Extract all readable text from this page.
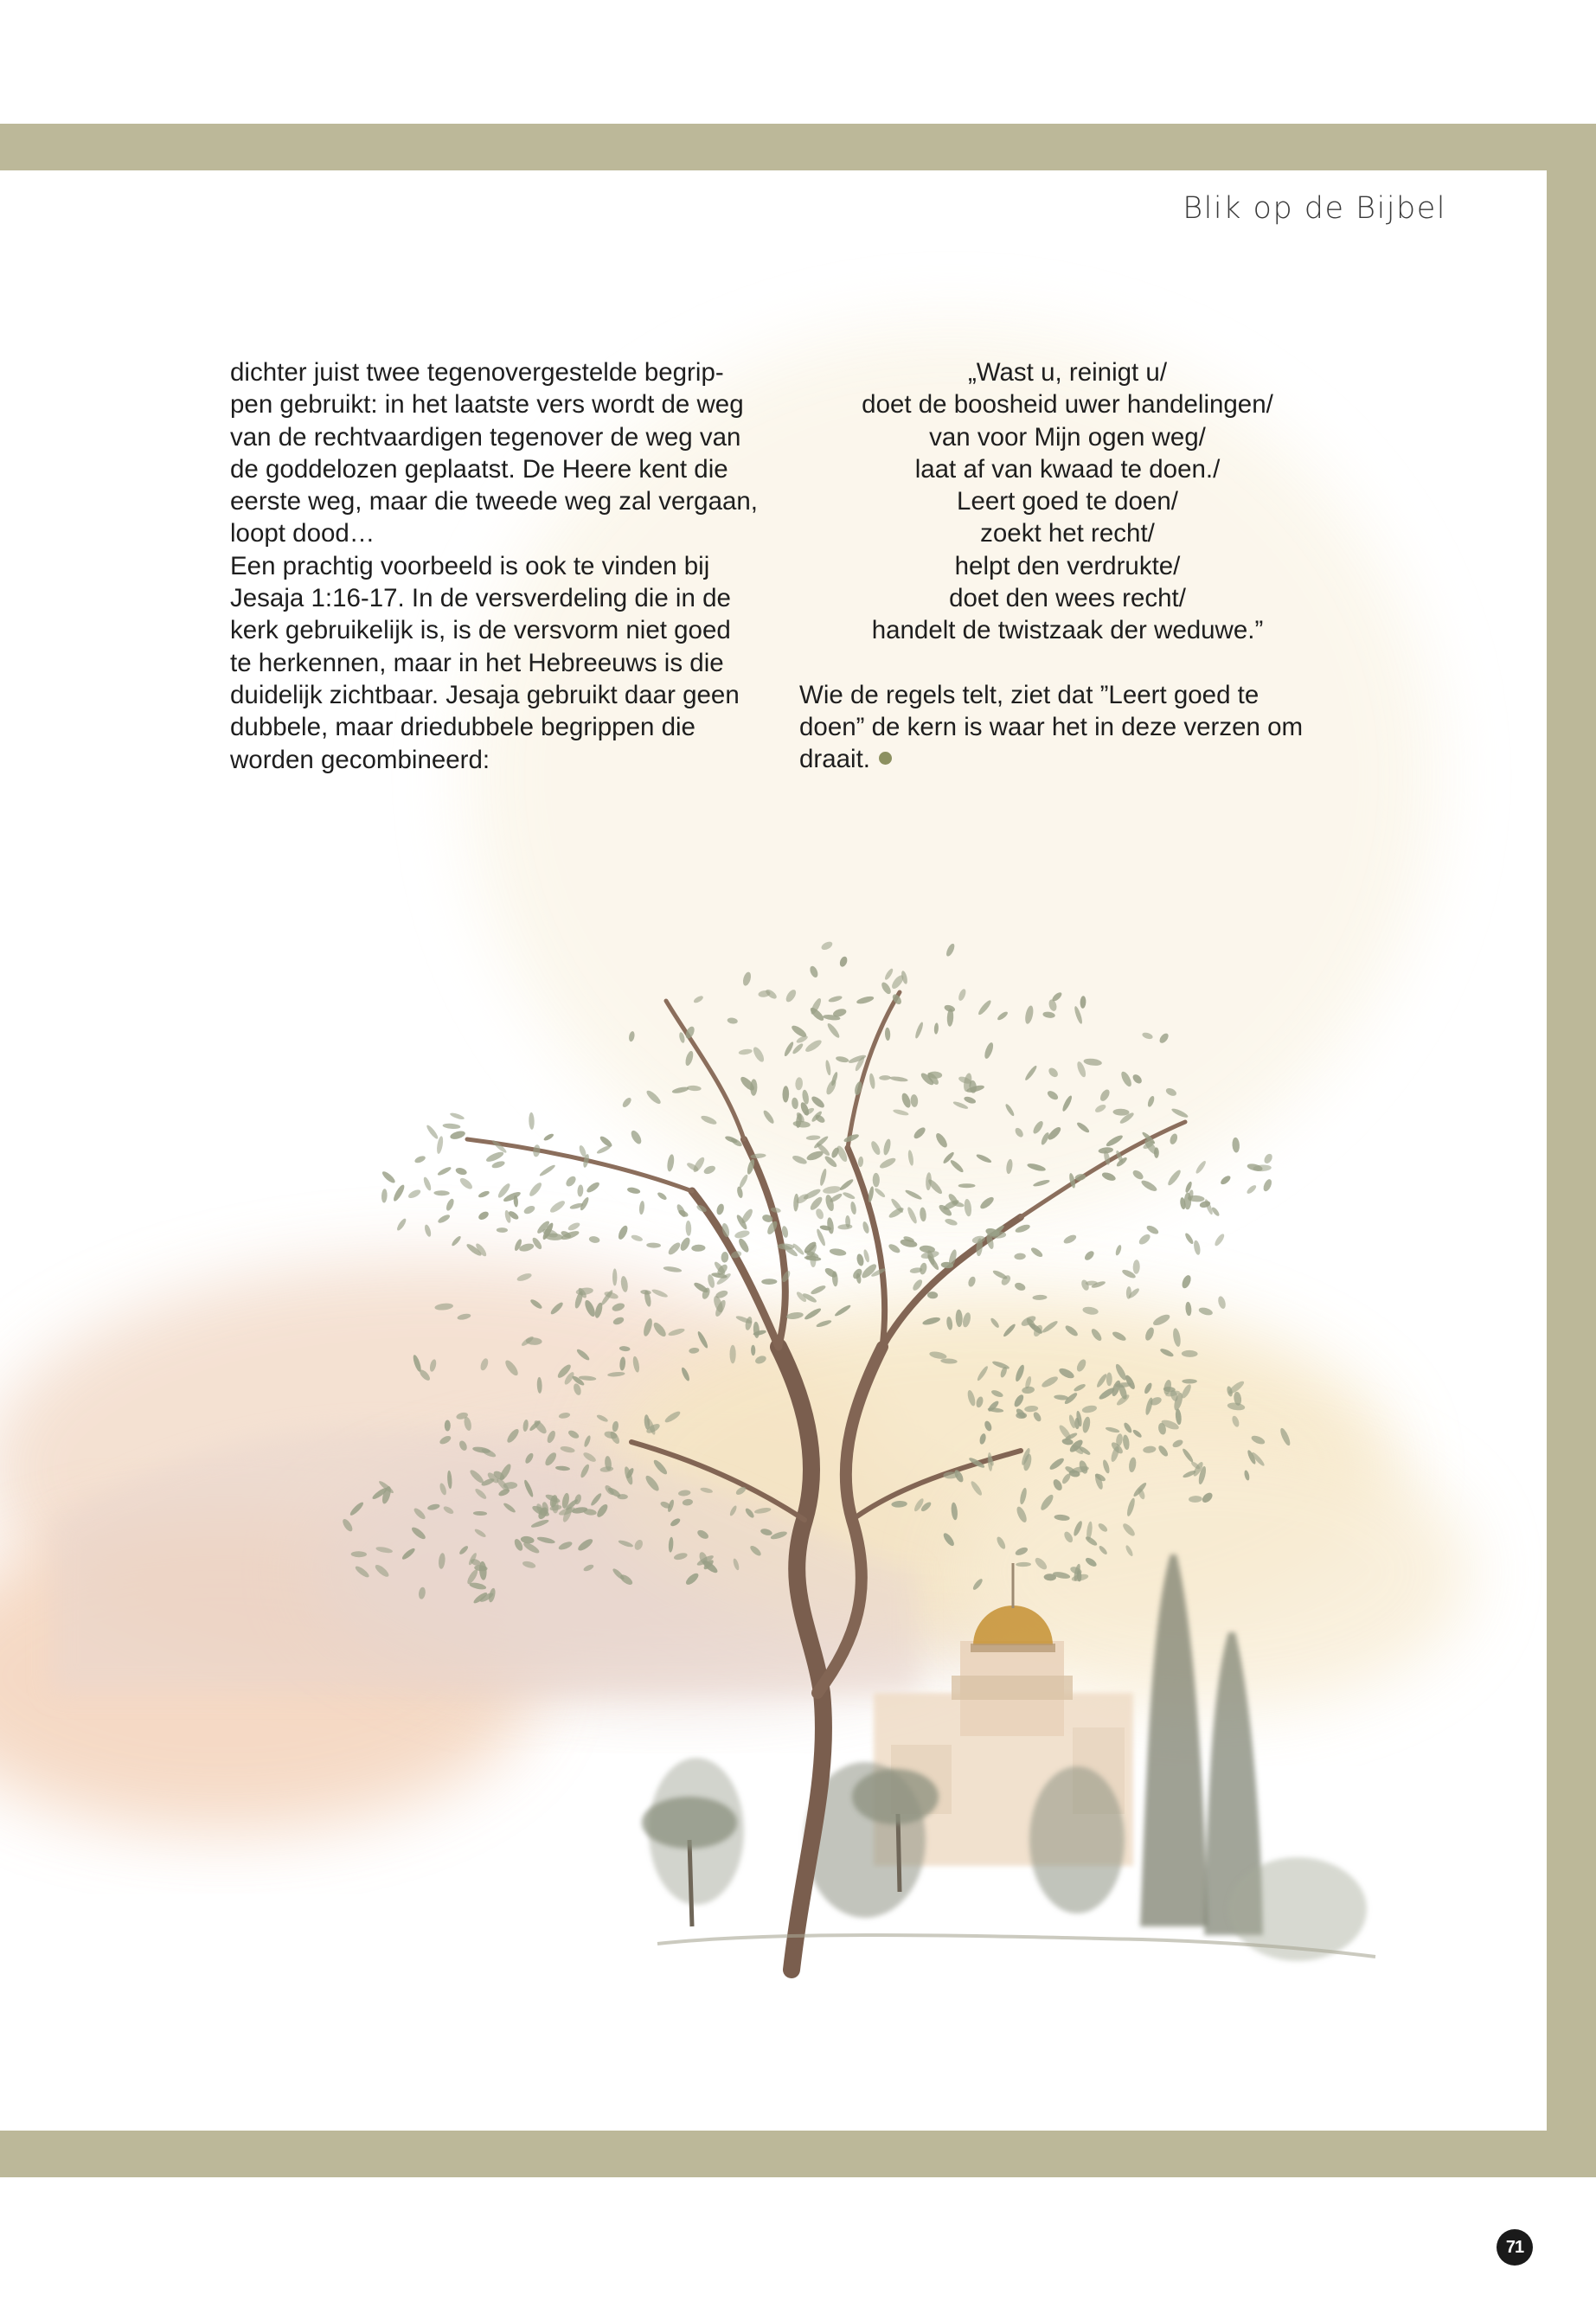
Blik op de Bijbel

dichter juist twee tegenovergestelde begrip-

pen gebruikt: in het laatste vers wordt de weg

van de rechtvaardigen tegenover de weg van

de goddelozen geplaatst. De Heere kent die

eerste weg, maar die tweede weg zal vergaan,

loopt dood…

Een prachtig voorbeeld is ook te vinden bij

Jesaja 1:16-17. In de versverdeling die in de

kerk gebruikelijk is, is de versvorm niet goed

te herkennen, maar in het Hebreeuws is die

duidelijk zichtbaar. Jesaja gebruikt daar geen

dubbele, maar driedubbele begrippen die

worden gecombineerd:

„Wast u, reinigt u/
doet de boosheid uwer handelingen/
van voor Mijn ogen weg/
laat af van kwaad te doen./
Leert goed te doen/
zoekt het recht/
helpt den verdrukte/
doet den wees recht/
handelt de twistzaak der weduwe.”
Wie de regels telt, ziet dat ”Leert goed te
doen” de kern is waar het in deze verzen om
draait.
71
